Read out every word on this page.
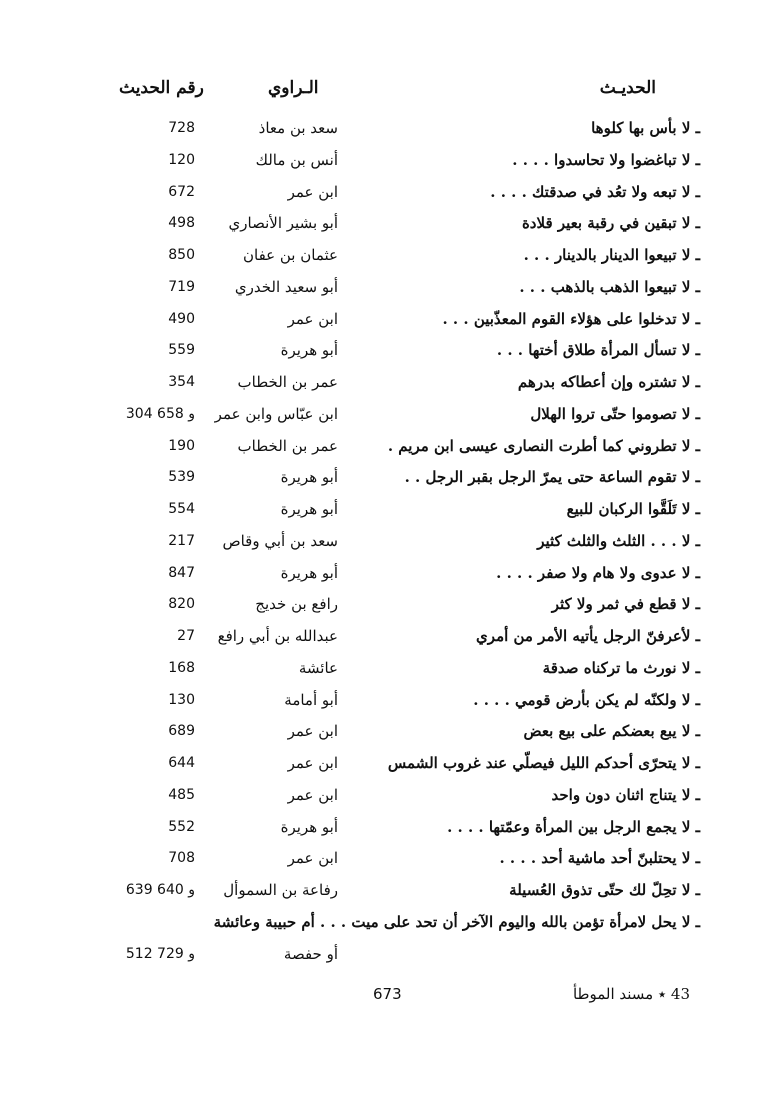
الحديـث
الـراوي
رقم الحديث
ـ لا بأس بها كلوها
سعد بن معاذ
728
ـ لا تباغضوا ولا تحاسدوا . . . .
أنس بن مالك
120
ـ لا تبعه ولا تعُد في صدقتك . . . .
ابن عمر
672
ـ لا تبقين في رقبة بعير قلادة
أبو بشير الأنصاري
498
ـ لا تبيعوا الدينار بالدينار . . .
عثمان بن عفان
850
ـ لا تبيعوا الذهب بالذهب . . .
أبو سعيد الخدري
719
ـ لا تدخلوا على هؤلاء القوم المعذّبين . . .
ابن عمر
490
ـ لا تسأل المرأة طلاق أختها . . .
أبو هريرة
559
ـ لا تشتره وإن أعطاكه بدرهم
عمر بن الخطاب
354
ـ لا تصوموا حتّى تروا الهلال
ابن عبّاس وابن عمر
304 و 658
ـ لا تطروني كما أطرت النصارى عيسى ابن مريم .
عمر بن الخطاب
190
ـ لا تقوم الساعة حتى يمرّ الرجل بقبر الرجل . .
أبو هريرة
539
ـ لا تَلَقَّوا الركبان للبيع
أبو هريرة
554
ـ لا . . . الثلث والثلث كثير
سعد بن أبي وقاص
217
ـ لا عدوى ولا هام ولا صفر . . . .
أبو هريرة
847
ـ لا قطع في ثمر ولا كثر
رافع بن خديج
820
ـ لأعرفنّ الرجل يأتيه الأمر من أمري
عبدالله بن أبي رافع
27
ـ لا نورث ما تركناه صدقة
عائشة
168
ـ لا ولكنّه لم يكن بأرض قومي . . . .
أبو أمامة
130
ـ لا يبع بعضكم على بيع بعض
ابن عمر
689
ـ لا يتحرّى أحدكم الليل فيصلّي عند غروب الشمس
ابن عمر
644
ـ لا يتناج اثنان دون واحد
ابن عمر
485
ـ لا يجمع الرجل بين المرأة وعمّتها . . . .
أبو هريرة
552
ـ لا يحتلبنّ أحد ماشية أحد . . . .
ابن عمر
708
ـ لا تحِلّ لك حتّى تذوق العُسيلة
رفاعة بن السموأل
639 و 640
ـ لا يحل لامرأة تؤمن بالله واليوم الآخر أن تحد على ميت . . . أم حبيبة وعائشة
أو حفصة
512 و 729
673	43 ٭ مسند الموطأ
